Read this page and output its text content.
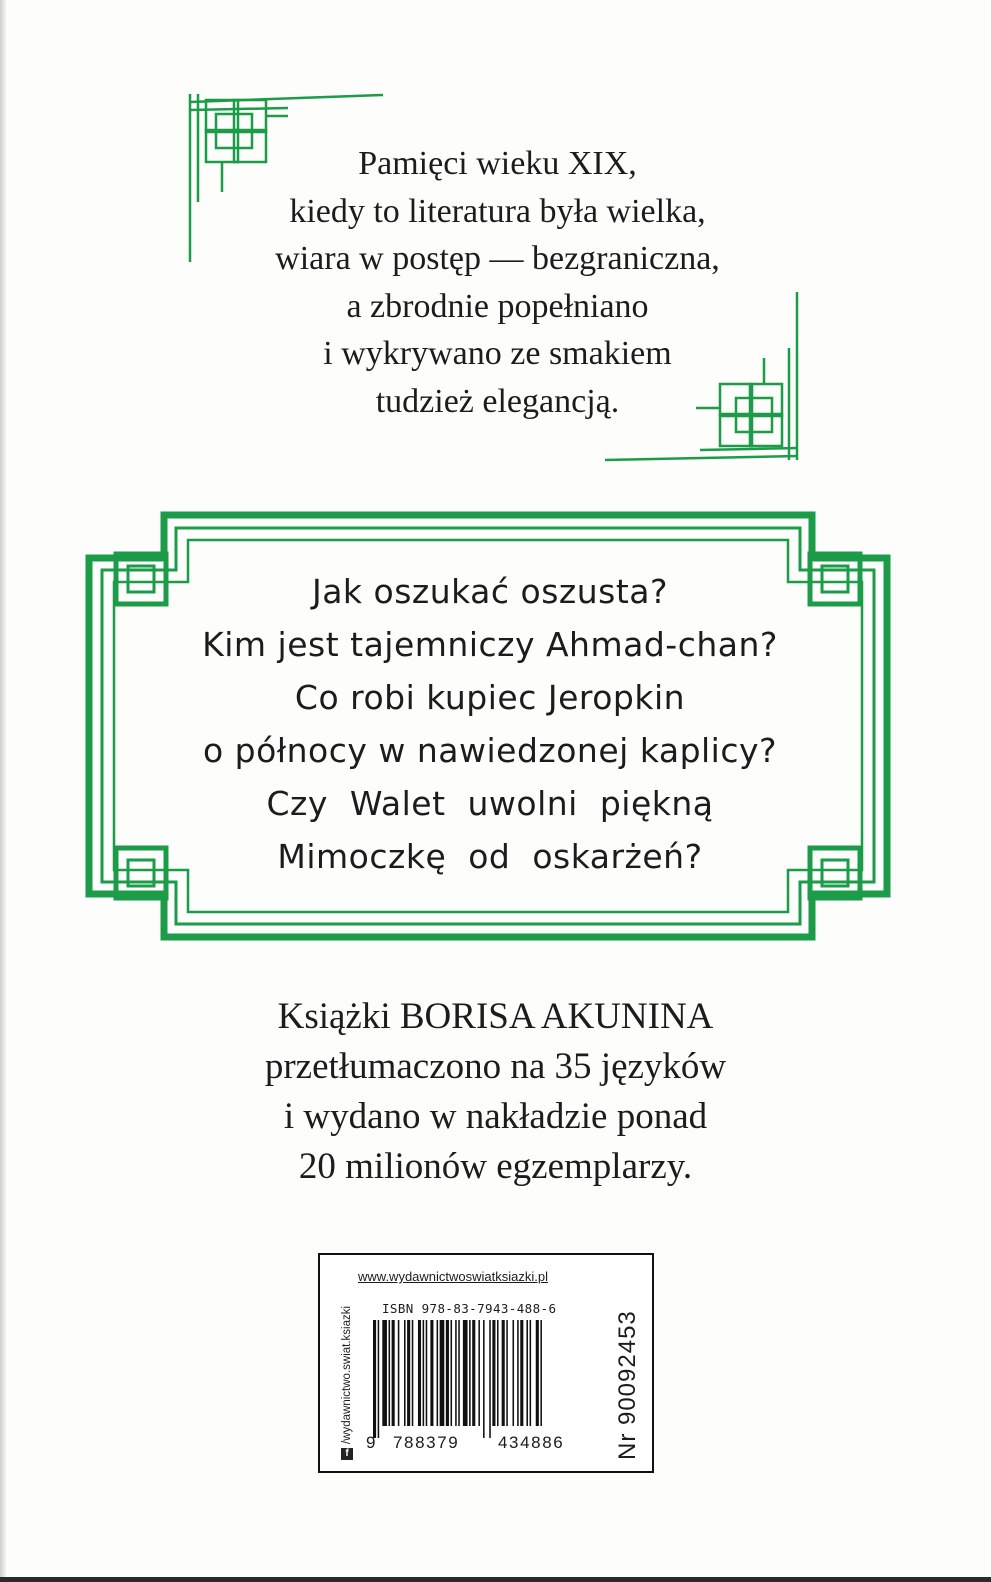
Pamięci wieku XIX,
kiedy to literatura była wielka,
wiara w postęp — bezgraniczna,
a zbrodnie popełniano
i wykrywano ze smakiem
tudzież elegancją.
Jak oszukać oszusta?
Kim jest tajemniczy Ahmad-chan?
Co robi kupiec Jeropkin
o północy w nawiedzonej kaplicy?
Czy  Walet  uwolni  piękną
Mimoczkę  od  oskarżeń?
Książki BORISA AKUNINA
przetłumaczono na 35 języków
i wydano w nakładzie ponad
20 milionów egzemplarzy.
f
/wydawnictwo.swiat.ksiazki
www.wydawnictwoswiatksiazki.pl
ISBN 978-83-7943-488-6
9 788379 434886 Nr 90092453
